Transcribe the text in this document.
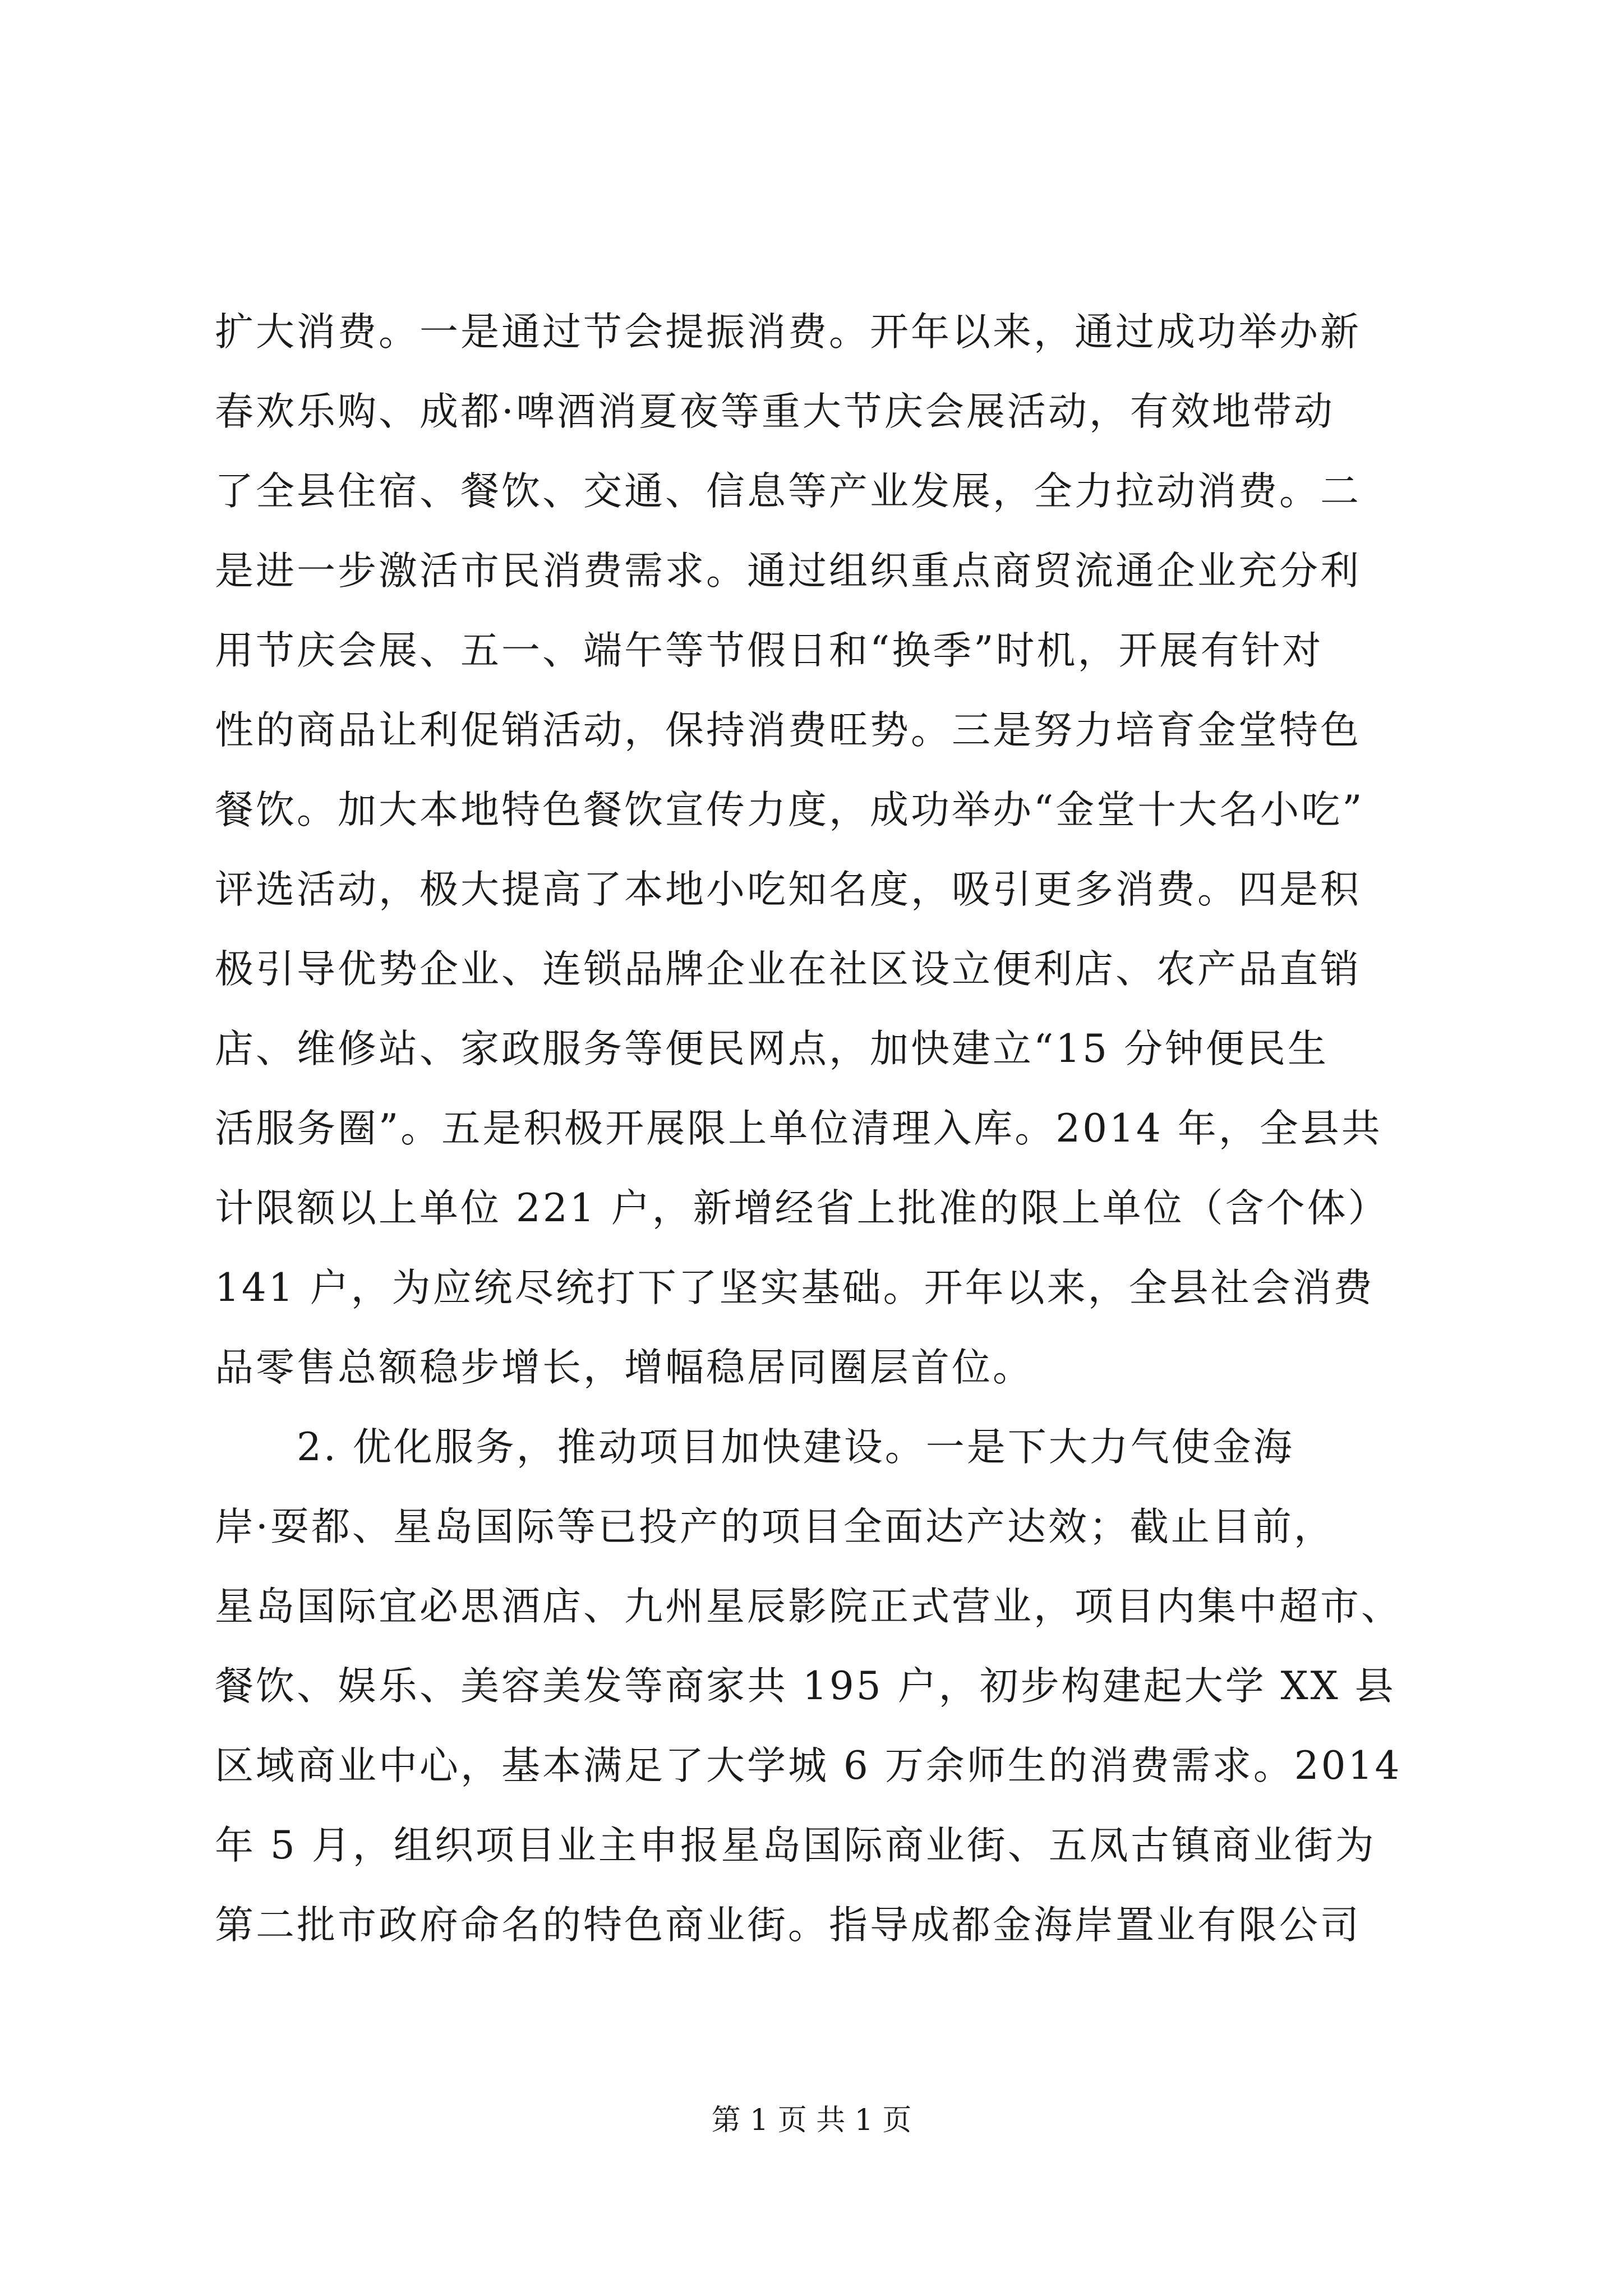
扩大消费。一是通过节会提振消费。开年以来，通过成功举办新
春欢乐购、成都·啤酒消夏夜等重大节庆会展活动，有效地带动
了全县住宿、餐饮、交通、信息等产业发展，全力拉动消费。二
是进一步激活市民消费需求。通过组织重点商贸流通企业充分利
用节庆会展、五一、端午等节假日和“换季”时机，开展有针对
性的商品让利促销活动，保持消费旺势。三是努力培育金堂特色
餐饮。加大本地特色餐饮宣传力度，成功举办“金堂十大名小吃”
评选活动，极大提高了本地小吃知名度，吸引更多消费。四是积
极引导优势企业、连锁品牌企业在社区设立便利店、农产品直销
店、维修站、家政服务等便民网点，加快建立“15 分钟便民生
活服务圈”。五是积极开展限上单位清理入库。2014 年，全县共
计限额以上单位 221 户，新增经省上批准的限上单位（含个体）
141 户，为应统尽统打下了坚实基础。开年以来，全县社会消费
品零售总额稳步增长，增幅稳居同圈层首位。
　　2. 优化服务，推动项目加快建设。一是下大力气使金海
岸·耍都、星岛国际等已投产的项目全面达产达效；截止目前，
星岛国际宜必思酒店、九州星辰影院正式营业，项目内集中超市、
餐饮、娱乐、美容美发等商家共 195 户，初步构建起大学 XX 县
区域商业中心，基本满足了大学城 6 万余师生的消费需求。2014
年 5 月，组织项目业主申报星岛国际商业街、五凤古镇商业街为
第二批市政府命名的特色商业街。指导成都金海岸置业有限公司
第 1 页 共 1 页
